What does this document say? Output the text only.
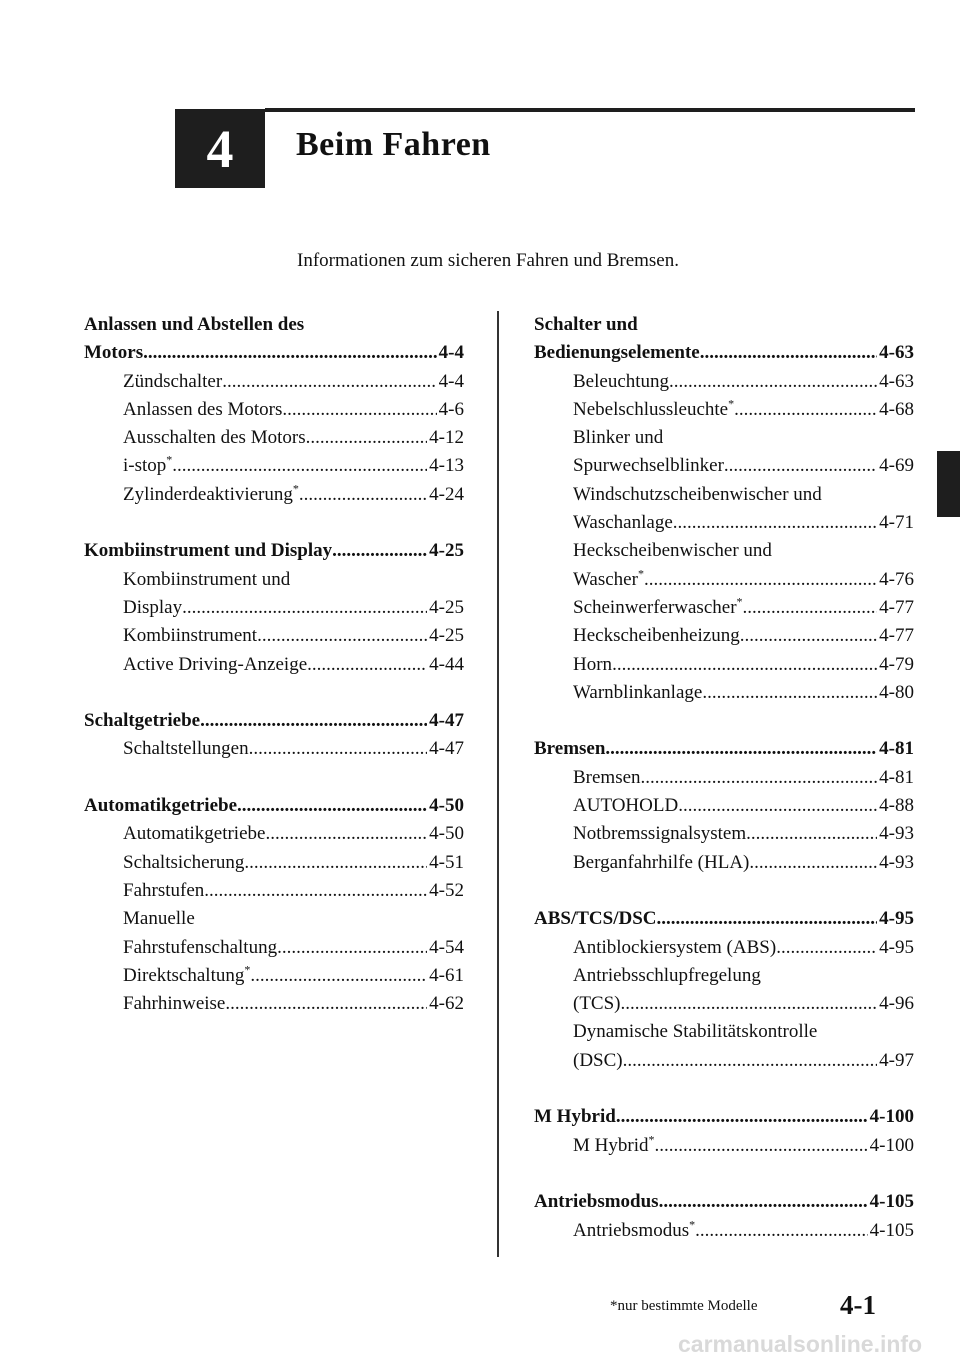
4 Beim Fahren
Informationen zum sicheren Fahren und Bremsen.
Anlassen und Abstellen des
Motors .....	4-4
Zündschalter .....	4-4
Anlassen des Motors .....	4-6
Ausschalten des Motors .....	4-12
i-stop* .....	4-13
Zylinderdeaktivierung* .....	4-24
Kombiinstrument und Display .....	4-25
Kombiinstrument und
Display .....	4-25
Kombiinstrument .....	4-25
Active Driving-Anzeige .....	4-44
Schaltgetriebe .....	4-47
Schaltstellungen .....	4-47
Automatikgetriebe .....	4-50
Automatikgetriebe .....	4-50
Schaltsicherung .....	4-51
Fahrstufen .....	4-52
Manuelle
Fahrstufenschaltung .....	4-54
Direktschaltung* .....	4-61
Fahrhinweise .....	4-62
Schalter und
Bedienungselemente .....	4-63
Beleuchtung .....	4-63
Nebelschlussleuchte* .....	4-68
Blinker und
Spurwechselblinker .....	4-69
Windschutzscheibenwischer und
Waschanlage .....	4-71
Heckscheibenwischer und
Wascher* .....	4-76
Scheinwerferwascher* .....	4-77
Heckscheibenheizung .....	4-77
Horn .....	4-79
Warnblinkanlage .....	4-80
Bremsen .....	4-81
Bremsen .....	4-81
AUTOHOLD .....	4-88
Notbremssignalsystem .....	4-93
Berganfahrhilfe (HLA) .....	4-93
ABS/TCS/DSC .....	4-95
Antiblockiersystem (ABS) .....	4-95
Antriebsschlupfregelung
(TCS) .....	4-96
Dynamische Stabilitätskontrolle
(DSC) .....	4-97
M Hybrid .....	4-100
M Hybrid* .....	4-100
Antriebsmodus .....	4-105
Antriebsmodus* .....	4-105
*nur bestimmte Modelle	4-1
carmanualsonline.info
